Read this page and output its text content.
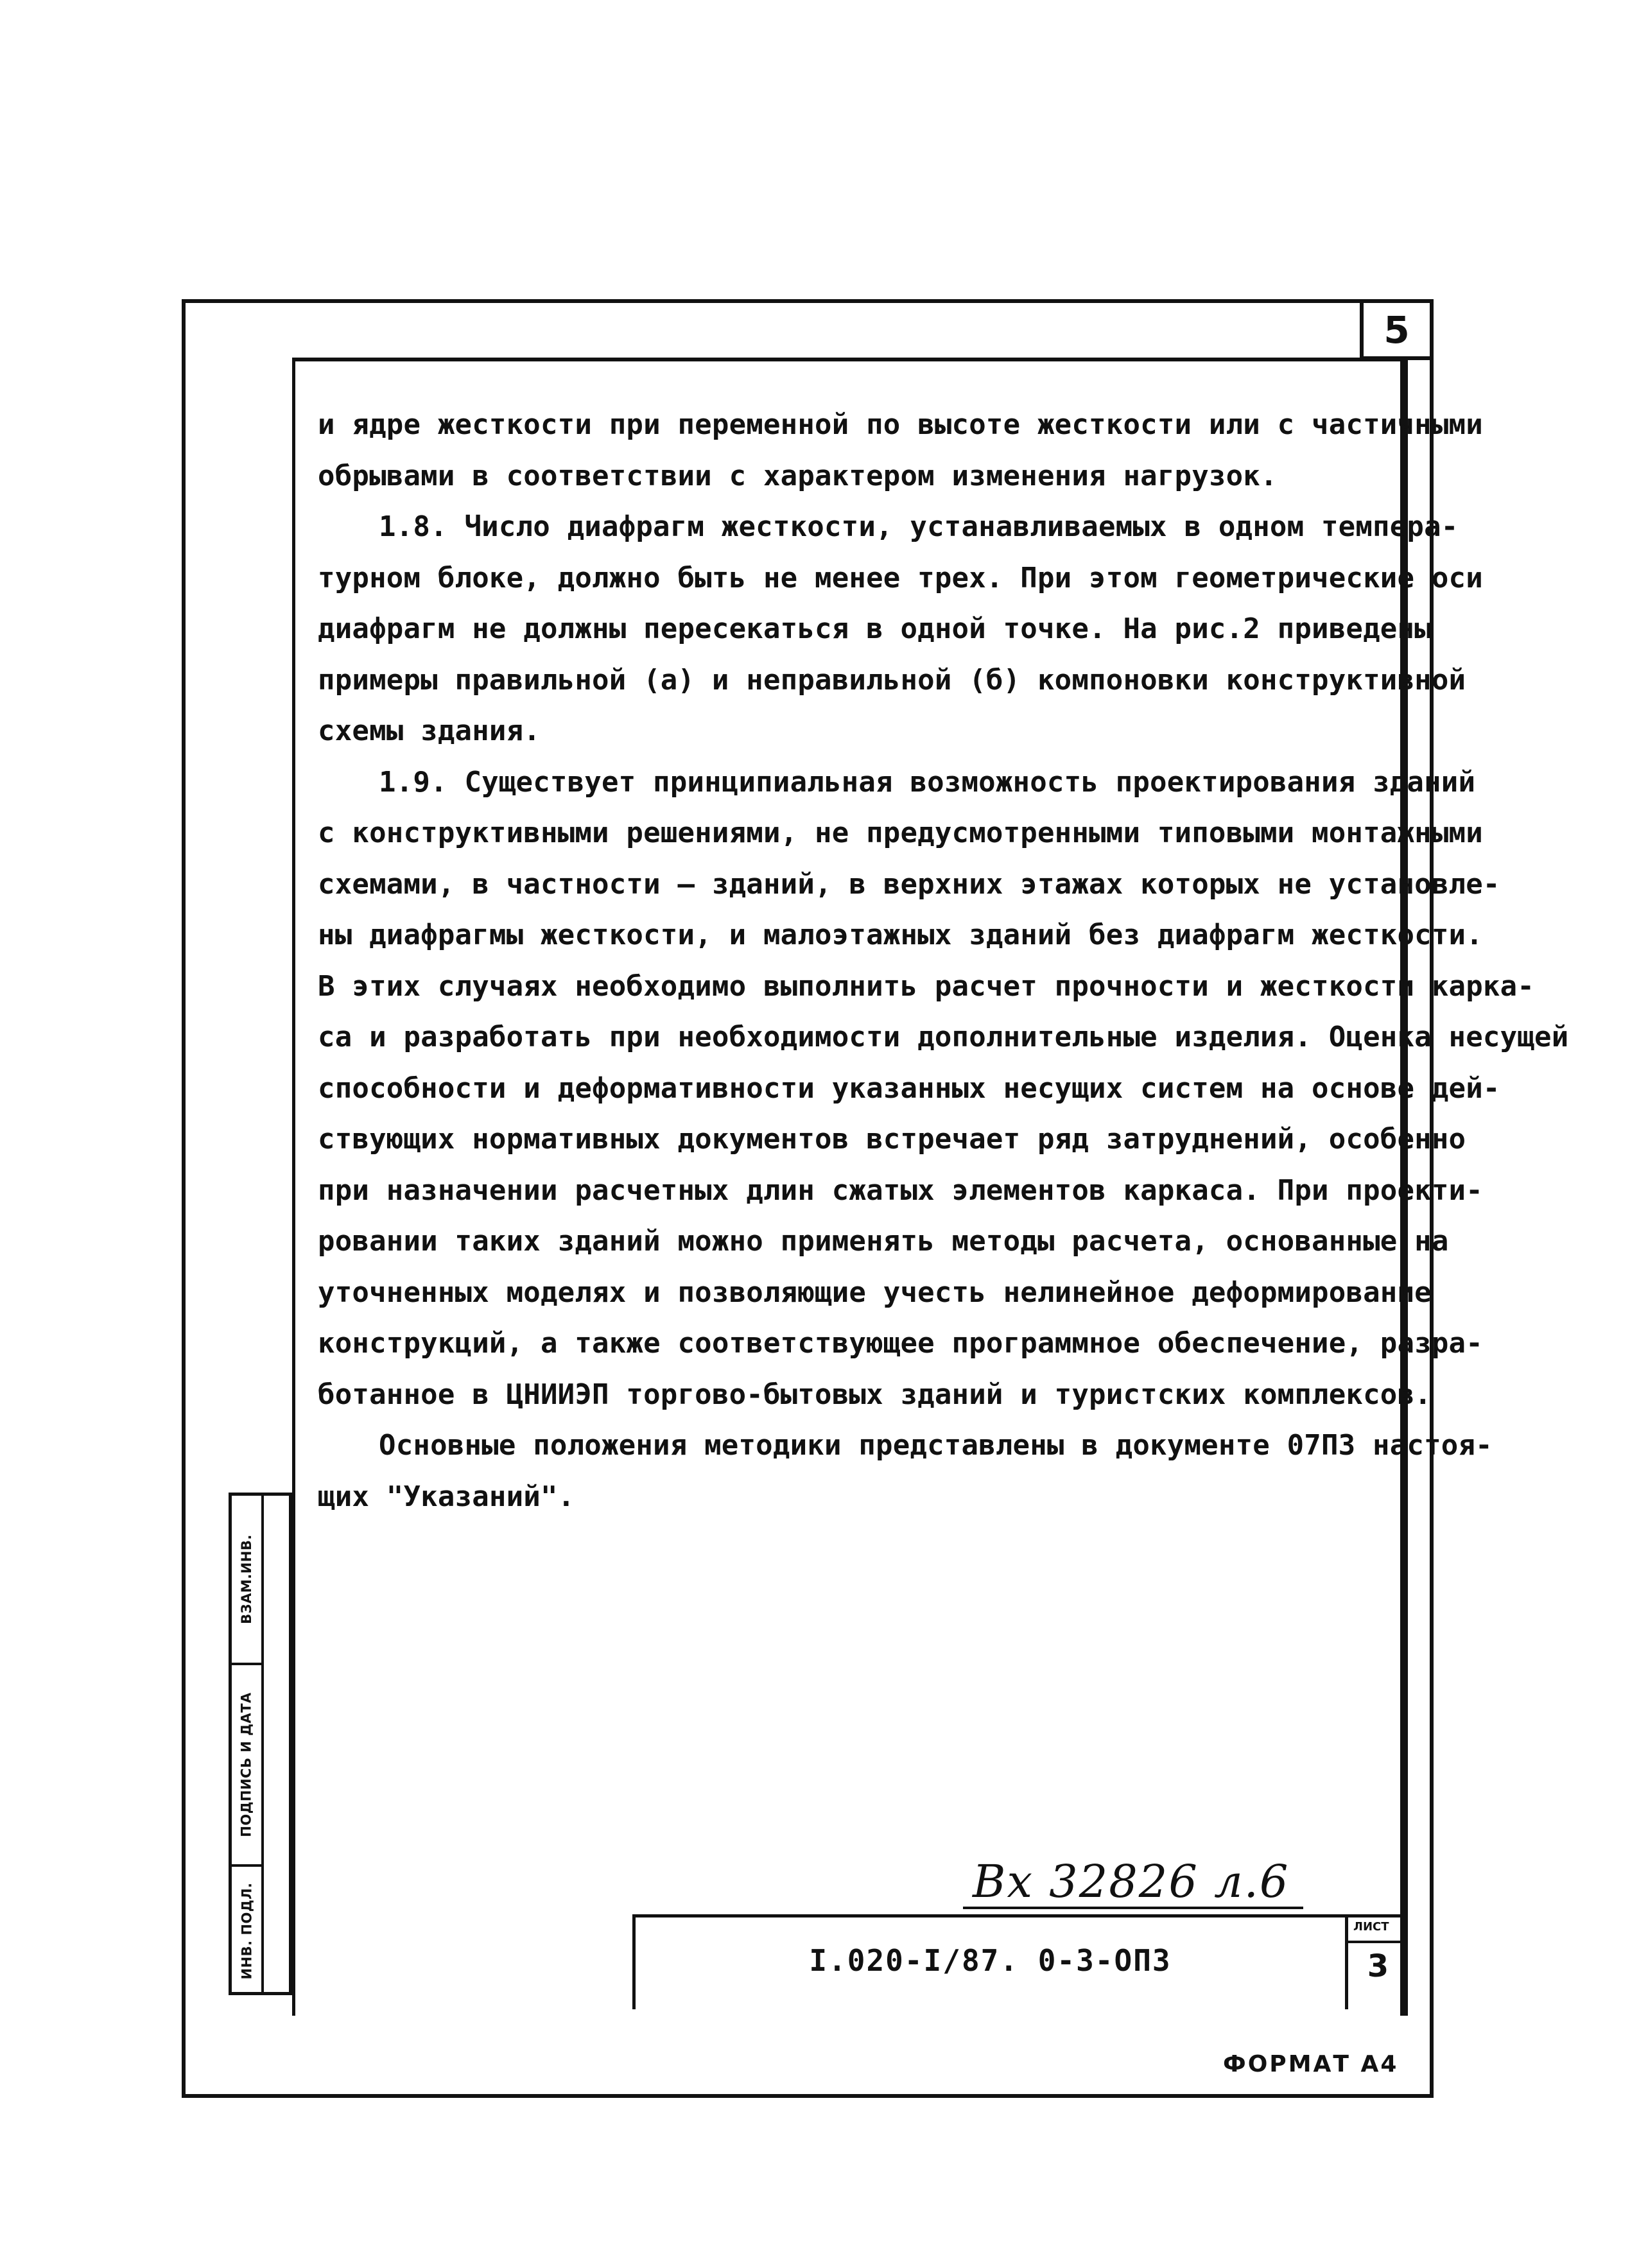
5
и ядре жесткости при переменной по высоте жесткости или с частичными
обрывами в соответствии с характером изменения нагрузок.
1.8. Число диафрагм жесткости, устанавливаемых в одном темпера-
турном блоке, должно быть не менее трех. При этом геометрические оси
диафрагм не должны пересекаться в одной точке. На рис.2 приведены
примеры правильной (а) и неправильной (б) компоновки конструктивной
схемы здания.
1.9. Существует принципиальная возможность проектирования зданий
с конструктивными решениями, не предусмотренными типовыми монтажными
схемами, в частности – зданий, в верхних этажах которых не установле-
ны диафрагмы жесткости, и малоэтажных зданий без диафрагм жесткости.
В этих случаях необходимо выполнить расчет прочности и жесткости карка-
са и разработать при необходимости дополнительные изделия. Оценка несущей
способности и деформативности указанных несущих систем на основе дей-
ствующих нормативных документов встречает ряд затруднений, особенно
при назначении расчетных длин сжатых элементов каркаса. При проекти-
ровании таких зданий можно применять методы расчета, основанные на
уточненных моделях и позволяющие учесть нелинейное деформирование
конструкций, а также соответствующее программное обеспечение, разра-
ботанное в ЦНИИЭП торгово-бытовых зданий и туристских комплексов.
Основные положения методики представлены в документе 07ПЗ настоя-
щих "Указаний".
ВЗАМ.ИНВ.
ПОДПИСЬ И ДАТА
ИНВ. ПОДЛ.
Вх 32826 л.6
I.020-I/87. 0-3-ОПЗ
ЛИСТ
3
ФОРМАТ А4
